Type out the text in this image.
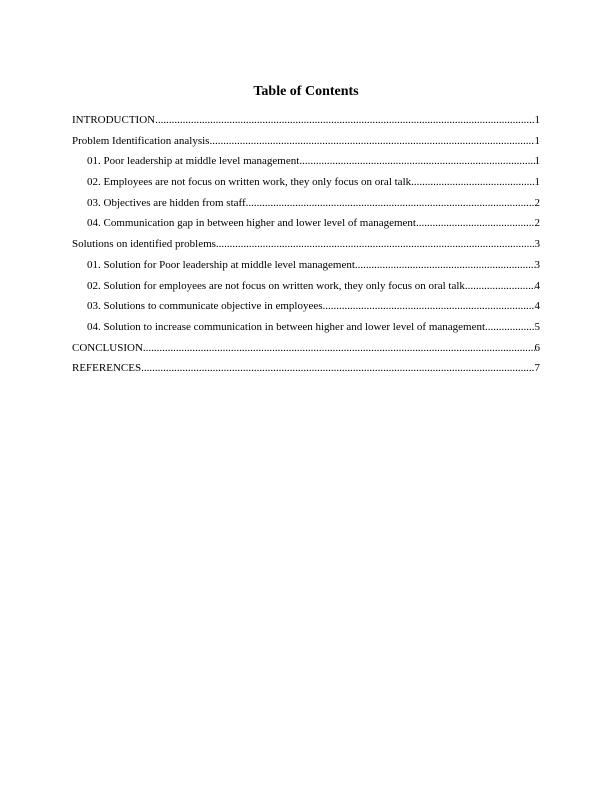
Table of Contents
INTRODUCTION .....	1
Problem Identification analysis .....	1
01. Poor leadership at middle level management .....	1
02. Employees are not focus on written work, they only focus on oral talk .....	1
03. Objectives are hidden from staff .....	2
04. Communication gap in between higher and lower level of management .....	2
Solutions on identified problems .....	3
01. Solution for Poor leadership at middle level management .....	3
02. Solution for employees are not focus on written work, they only focus on oral talk .....	4
03. Solutions to communicate objective in employees .....	4
04. Solution to increase communication in between higher and lower level of management .....	5
CONCLUSION .....	6
REFERENCES .....	7
